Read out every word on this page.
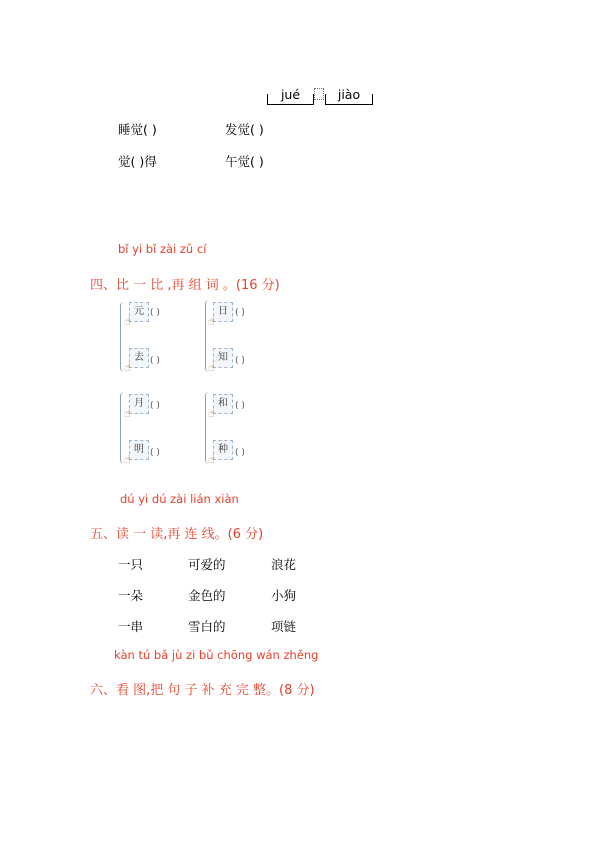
jué	jiào
睡觉( )	发觉( )
觉( )得	午觉( )
bǐ yi bǐ zài zǔ cí
四、比 一 比 ,再 组 词 。(16 分)
元
☝
( )
去
☝	( )
日
☝
( )
知
☝	( )
月
☝
( )
明
☝	( )
和
☝
( )
种
☝	( )
dú yi dú zài lián xiàn
五、读 一 读,再 连 线。(6 分)
一只	可爱的	浪花
一朵	金色的	小狗
一串	雪白的	项链
kàn tú bǎ jù zi bǔ chōng wán zhěng
六、看 图,把 句 子 补 充 完 整。(8 分)
